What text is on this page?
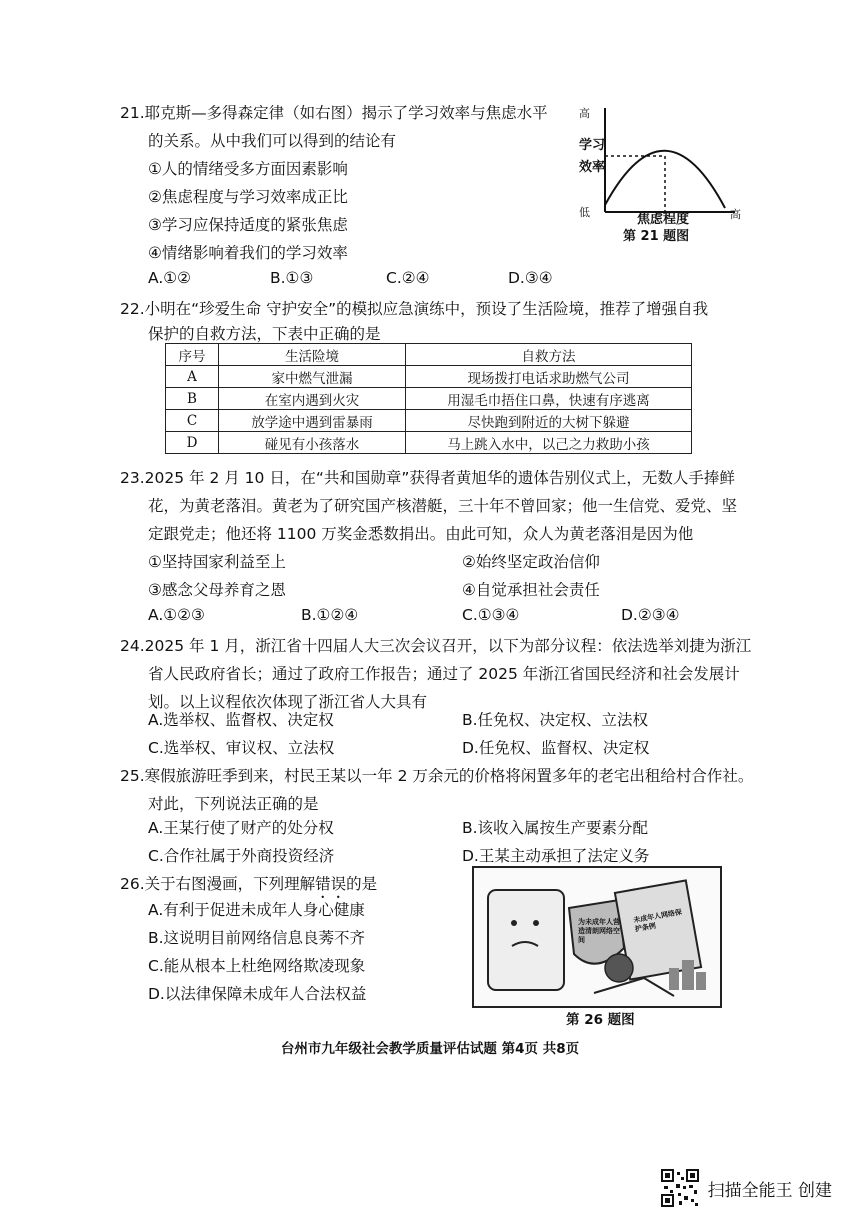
21.耶克斯—多得森定律（如右图）揭示了学习效率与焦虑水平
的关系。从中我们可以得到的结论有
①人的情绪受多方面因素影响
②焦虑程度与学习效率成正比
③学习应保持适度的紧张焦虑
④情绪影响着我们的学习效率
A.①②	B.①③	C.②④	D.③④
高
学 习
效 率
低	焦虑程度	高
第 21 题图
22.小明在“珍爱生命 守护安全”的模拟应急演练中，预设了生活险境，推荐了增强自我
保护的自救方法，下表中正确的是
序号	生活险境	自救方法
A	家中燃气泄漏	现场拨打电话求助燃气公司
B	在室内遇到火灾	用湿毛巾捂住口鼻，快速有序逃离
C	放学途中遇到雷暴雨	尽快跑到附近的大树下躲避
D	碰见有小孩落水	马上跳入水中，以己之力救助小孩
23.2025 年 2 月 10 日，在“共和国勋章”获得者黄旭华的遗体告别仪式上，无数人手捧鲜
花，为黄老落泪。黄老为了研究国产核潜艇，三十年不曾回家；他一生信党、爱党、坚
定跟党走；他还将 1100 万奖金悉数捐出。由此可知，众人为黄老落泪是因为他
①坚持国家利益至上	②始终坚定政治信仰
③感念父母养育之恩	④自觉承担社会责任
A.①②③	B.①②④	C.①③④	D.②③④
24.2025 年 1 月，浙江省十四届人大三次会议召开，以下为部分议程：依法选举刘捷为浙江
省人民政府省长；通过了政府工作报告；通过了 2025 年浙江省国民经济和社会发展计
划。以上议程依次体现了浙江省人大具有
A.选举权、监督权、决定权	B.任免权、决定权、立法权
C.选举权、审议权、立法权	D.任免权、监督权、决定权
25.寒假旅游旺季到来，村民王某以一年 2 万余元的价格将闲置多年的老宅出租给村合作社。
对此，下列说法正确的是
A.王某行使了财产的处分权	B.该收入属按生产要素分配
C.合作社属于外商投资经济	D.王某主动承担了法定义务
26.关于右图漫画，下列理解错误的是
A.有利于促进未成年人身心健康
B.这说明目前网络信息良莠不齐
C.能从根本上杜绝网络欺凌现象
D.以法律保障未成年人合法权益
为未成年人营造清朗网络空间
未成年人网络保护条例
第 26 题图
台州市九年级社会教学质量评估试题 第4页 共8页
扫描全能王 创建
